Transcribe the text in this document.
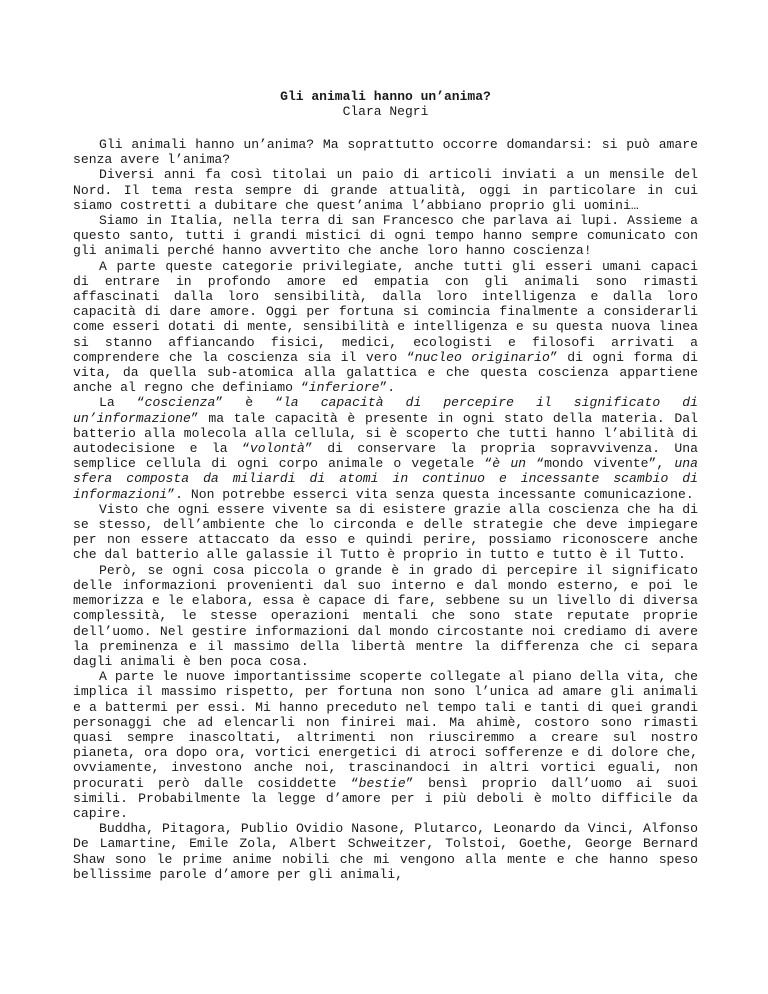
Gli animali hanno un’anima?

Clara Negri

Gli animali hanno un’anima? Ma soprattutto occorre domandarsi: si può amare senza avere l’anima?

Diversi anni fa così titolai un paio di articoli inviati a un mensile del Nord. Il tema resta sempre di grande attualità, oggi in particolare in cui siamo costretti a dubitare che quest’anima l’abbiano proprio gli uomini…

Siamo in Italia, nella terra di san Francesco che parlava ai lupi. Assieme a questo santo, tutti i grandi mistici di ogni tempo hanno sempre comunicato con gli animali perché hanno avvertito che anche loro hanno coscienza!

A parte queste categorie privilegiate, anche tutti gli esseri umani capaci di entrare in profondo amore ed empatia con gli animali sono rimasti affascinati dalla loro sensibilità, dalla loro intelligenza e dalla loro capacità di dare amore. Oggi per fortuna si comincia finalmente a considerarli come esseri dotati di mente, sensibilità e intelligenza e su questa nuova linea si stanno affiancando fisici, medici, ecologisti e filosofi arrivati a comprendere che la coscienza sia il vero “nucleo originario” di ogni forma di vita, da quella sub-atomica alla galattica e che questa coscienza appartiene anche al regno che definiamo “inferiore”.

La “coscienza” è “la capacità di percepire il significato di un’informazione” ma tale capacità è presente in ogni stato della materia. Dal batterio alla molecola alla cellula, si è scoperto che tutti hanno l’abilità di autodecisione e la “volontà” di conservare la propria sopravvivenza. Una semplice cellula di ogni corpo animale o vegetale “è un “mondo vivente”, una sfera composta da miliardi di atomi in continuo e incessante scambio di informazioni”. Non potrebbe esserci vita senza questa incessante comunicazione.

Visto che ogni essere vivente sa di esistere grazie alla coscienza che ha di se stesso, dell’ambiente che lo circonda e delle strategie che deve impiegare per non essere attaccato da esso e quindi perire, possiamo riconoscere anche che dal batterio alle galassie il Tutto è proprio in tutto e tutto è il Tutto.

Però, se ogni cosa piccola o grande è in grado di percepire il significato delle informazioni provenienti dal suo interno e dal mondo esterno, e poi le memorizza e le elabora, essa è capace di fare, sebbene su un livello di diversa complessità, le stesse operazioni mentali che sono state reputate proprie dell’uomo. Nel gestire informazioni dal mondo circostante noi crediamo di avere la preminenza e il massimo della libertà mentre la differenza che ci separa dagli animali è ben poca cosa.

A parte le nuove importantissime scoperte collegate al piano della vita, che implica il massimo rispetto, per fortuna non sono l’unica ad amare gli animali e a battermi per essi. Mi hanno preceduto nel tempo tali e tanti di quei grandi personaggi che ad elencarli non finirei mai. Ma ahimè, costoro sono rimasti quasi sempre inascoltati, altrimenti non riusciremmo a creare sul nostro pianeta, ora dopo ora, vortici energetici di atroci sofferenze e di dolore che, ovviamente, investono anche noi, trascinandoci in altri vortici eguali, non procurati però dalle cosiddette “bestie” bensì proprio dall’uomo ai suoi simili. Probabilmente la legge d’amore per i più deboli è molto difficile da capire.

Buddha, Pitagora, Publio Ovidio Nasone, Plutarco, Leonardo da Vinci, Alfonso De Lamartine, Emile Zola, Albert Schweitzer, Tolstoi, Goethe, George Bernard Shaw sono le prime anime nobili che mi vengono alla mente e che hanno speso bellissime parole d’amore per gli animali,
